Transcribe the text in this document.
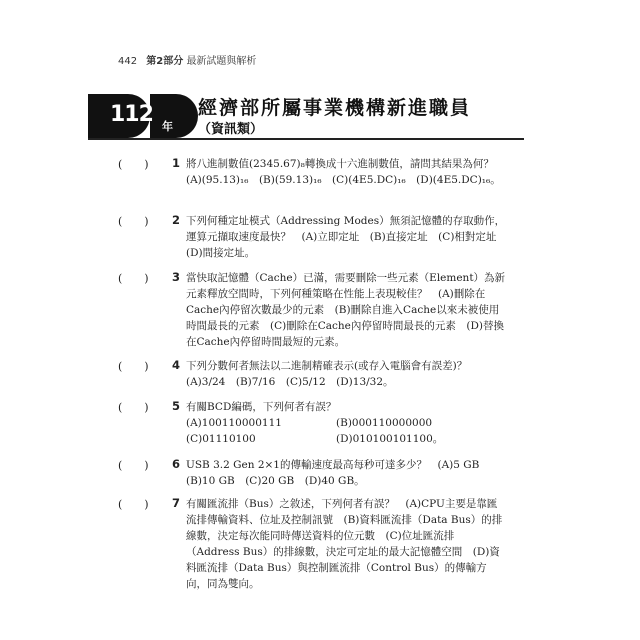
442 第2部分 最新試題與解析
112 年
經濟部所屬事業機構新進職員
（資訊類）
(　　) 1 將八進制數值(2345.67)₈轉換成十六進制數值，請問其結果為何？　(A)(95.13)₁₆　(B)(59.13)₁₆　(C)(4E5.DC)₁₆　(D)(4E5.DC)₁₆。
(　　) 2 下列何種定址模式（Addressing Modes）無須記憶體的存取動作，運算元擷取速度最快？　(A)立即定址　(B)直接定址　(C)相對定址　(D)間接定址。
(　　) 3 當快取記憶體（Cache）已滿，需要刪除一些元素（Element）為新元素釋放空間時，下列何種策略在性能上表現較佳？　(A)刪除在Cache內停留次數最少的元素　(B)刪除自進入Cache以來未被使用時間最長的元素　(C)刪除在Cache內停留時間最長的元素　(D)替換在Cache內停留時間最短的元素。
(　　) 4 下列分數何者無法以二進制精確表示(或存入電腦會有誤差)？　(A)3/24　(B)7/16　(C)5/12　(D)13/32。
(　　) 5 有關BCD編碼，下列何者有誤？
(A)100110000111	(B)000110000000
(C)01110100	(D)010100101100。
(　　) 6 USB 3.2 Gen 2×1的傳輸速度最高每秒可達多少？　(A)5 GB　(B)10 GB　(C)20 GB　(D)40 GB。
(　　) 7 有關匯流排（Bus）之敘述，下列何者有誤？　(A)CPU主要是靠匯流排傳輸資料、位址及控制訊號　(B)資料匯流排（Data Bus）的排線數，決定每次能同時傳送資料的位元數　(C)位址匯流排（Address Bus）的排線數，決定可定址的最大記憶體空間　(D)資料匯流排（Data Bus）與控制匯流排（Control Bus）的傳輸方向，同為雙向。
